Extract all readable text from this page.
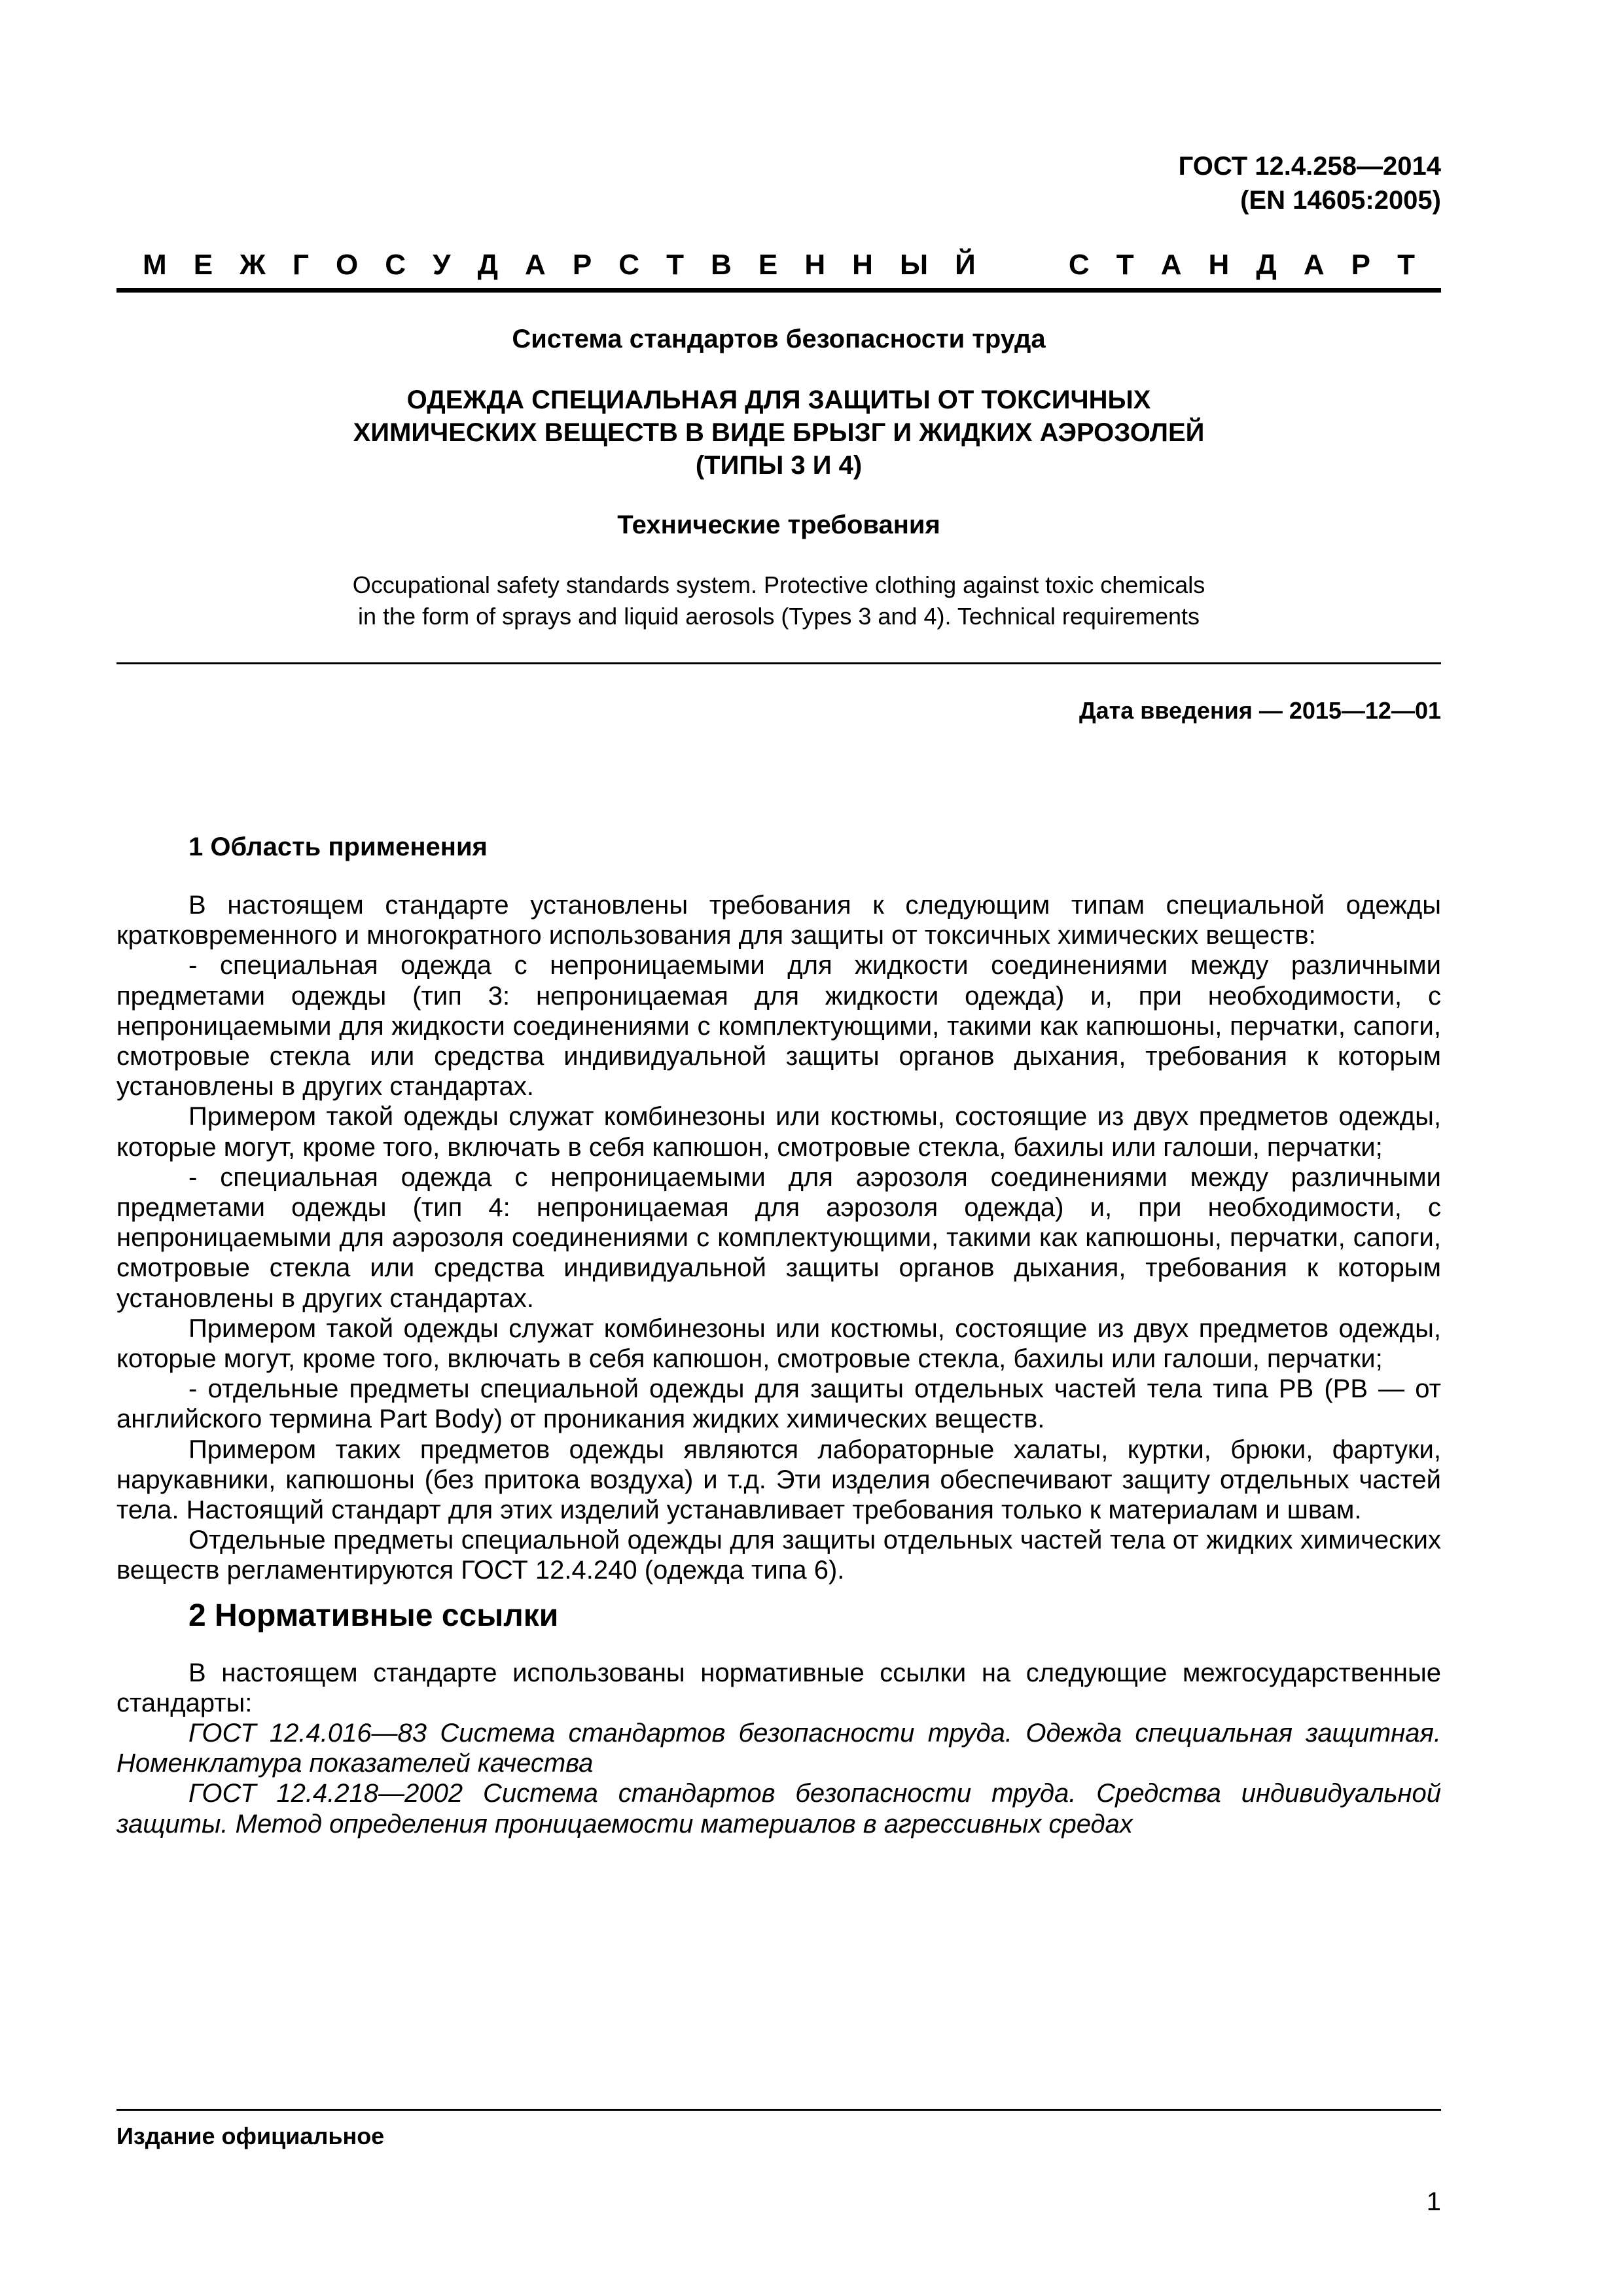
ГОСТ 12.4.258—2014
(EN 14605:2005)
М Е Ж Г О С У Д А Р С Т В Е Н Н Ы Й	С Т А Н Д А Р Т
Система стандартов безопасности труда
ОДЕЖДА СПЕЦИАЛЬНАЯ ДЛЯ ЗАЩИТЫ ОТ ТОКСИЧНЫХ
ХИМИЧЕСКИХ ВЕЩЕСТВ В ВИДЕ БРЫЗГ И ЖИДКИХ АЭРОЗОЛЕЙ
(ТИПЫ 3 И 4)
Технические требования
Occupational safety standards system. Protective clothing against toxic chemicals
in the form of sprays and liquid aerosols (Types 3 and 4). Technical requirements
Дата введения — 2015—12—01
1 Область применения

В настоящем стандарте установлены требования к следующим типам специальной одежды кратковременного и многократного использования для защиты от токсичных химических веществ:

- специальная одежда с непроницаемыми для жидкости соединениями между различными предметами одежды (тип 3: непроницаемая для жидкости одежда) и, при необходимости, с непроницаемыми для жидкости соединениями с комплектующими, такими как капюшоны, перчатки, сапоги, смотровые стекла или средства индивидуальной защиты органов дыхания, требования к которым установлены в других стандартах.

Примером такой одежды служат комбинезоны или костюмы, состоящие из двух предметов одежды, которые могут, кроме того, включать в себя капюшон, смотровые стекла, бахилы или галоши, перчатки;

- специальная одежда с непроницаемыми для аэрозоля соединениями между различными предметами одежды (тип 4: непроницаемая для аэрозоля одежда) и, при необходимости, с непроницаемыми для аэрозоля соединениями с комплектующими, такими как капюшоны, перчатки, сапоги, смотровые стекла или средства индивидуальной защиты органов дыхания, требования к которым установлены в других стандартах.

Примером такой одежды служат комбинезоны или костюмы, состоящие из двух предметов одежды, которые могут, кроме того, включать в себя капюшон, смотровые стекла, бахилы или галоши, перчатки;

- отдельные предметы специальной одежды для защиты отдельных частей тела типа PB (PB — от английского термина Part Body) от проникания жидких химических веществ.

Примером таких предметов одежды являются лабораторные халаты, куртки, брюки, фартуки, нарукавники, капюшоны (без притока воздуха) и т.д. Эти изделия обеспечивают защиту отдельных частей тела. Настоящий стандарт для этих изделий устанавливает требования только к материалам и швам.

Отдельные предметы специальной одежды для защиты отдельных частей тела от жидких химических веществ регламентируются ГОСТ 12.4.240 (одежда типа 6).

2 Нормативные ссылки

В настоящем стандарте использованы нормативные ссылки на следующие межгосударственные стандарты:

ГОСТ 12.4.016—83 Система стандартов безопасности труда. Одежда специальная защитная. Номенклатура показателей качества

ГОСТ 12.4.218—2002 Система стандартов безопасности труда. Средства индивидуальной защиты. Метод определения проницаемости материалов в агрессивных средах

Издание официальное
1
